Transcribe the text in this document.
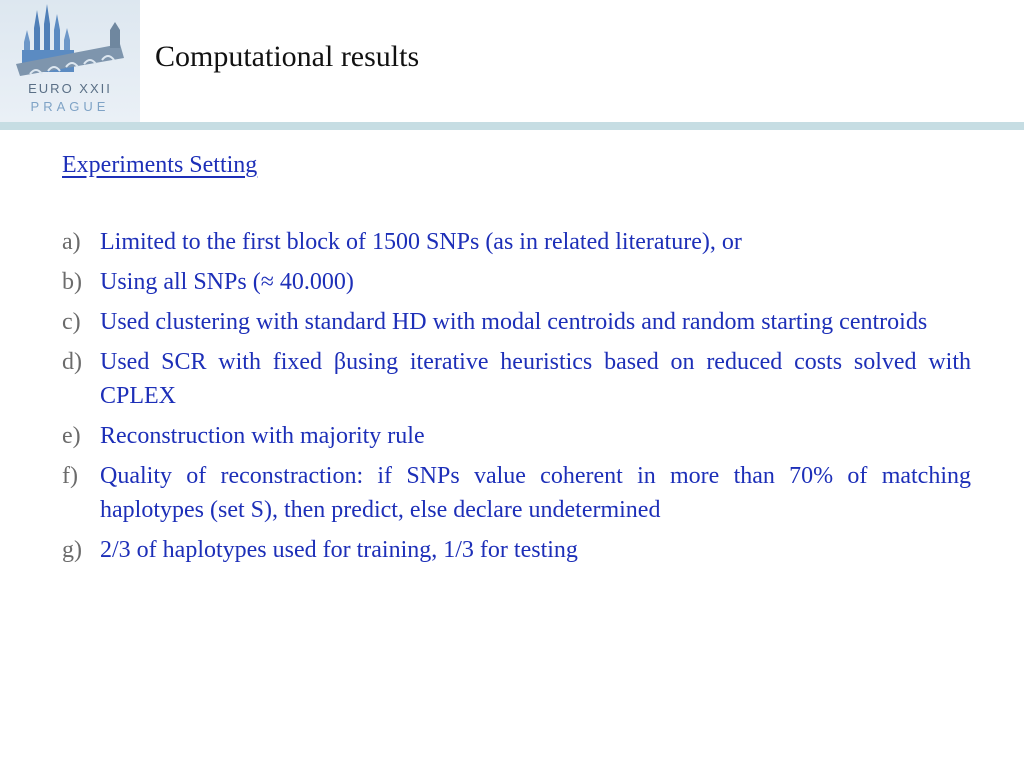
EURO XXII
PRAGUE
Computational results
Experiments Setting
a) Limited to the first block of 1500 SNPs (as in related literature), or
b) Using all SNPs (≈ 40.000)
c) Used clustering with standard HD with modal centroids and random starting centroids
d) Used SCR with fixed βusing iterative heuristics based on reduced costs solved with CPLEX
e) Reconstruction with majority rule
f) Quality of reconstraction: if SNPs value coherent in more than 70% of matching haplotypes (set S), then predict, else declare undetermined
g) 2/3 of haplotypes used for training, 1/3 for testing
